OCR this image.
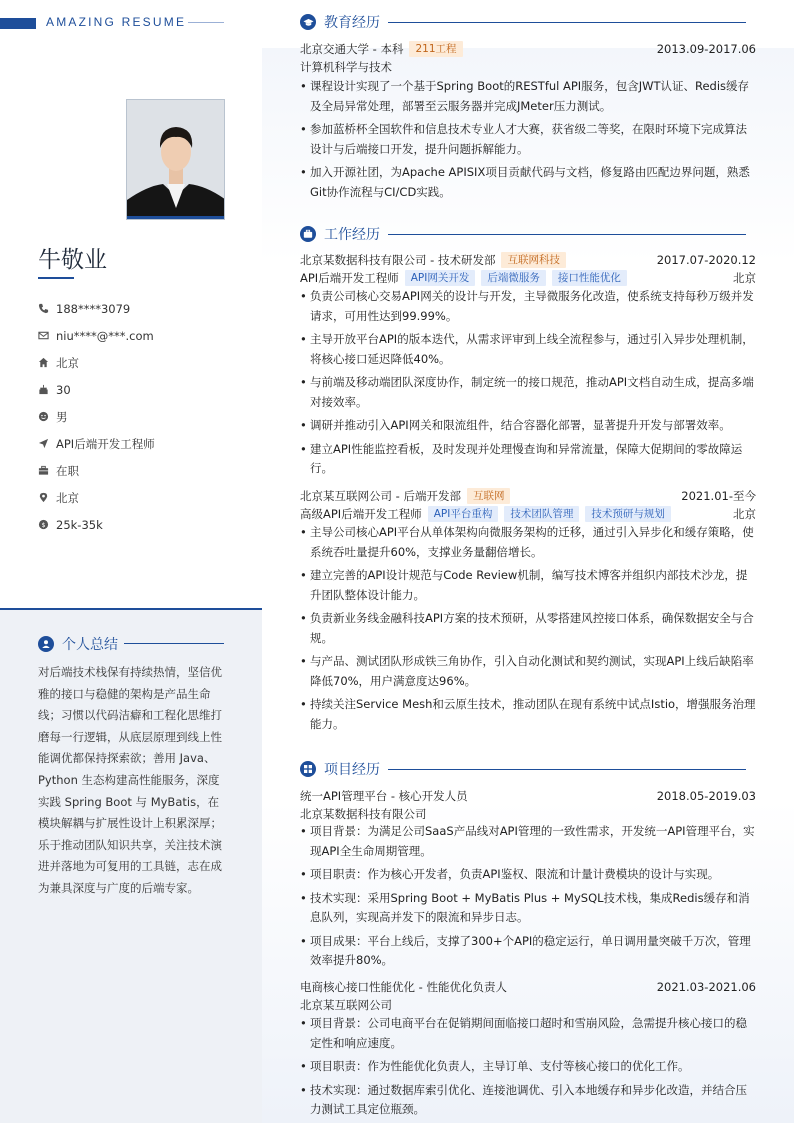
AMAZING RESUME
牛敬业
188****3079
niu****@***.com
北京
30
男
API后端开发工程师
在职
北京
$ 25k-35k
个人总结
对后端技术栈保有持续热情，坚信优雅的接口与稳健的架构是产品生命线；习惯以代码洁癖和工程化思维打磨每一行逻辑，从底层原理到线上性能调优都保持探索欲；善用 Java、Python 生态构建高性能服务，深度实践 Spring Boot 与 MyBatis，在模块解耦与扩展性设计上积累深厚；乐于推动团队知识共享，关注技术演进并落地为可复用的工具链，志在成为兼具深度与广度的后端专家。
教育经历
北京交通大学 - 本科	211工程	2013.09-2017.06
计算机科学与技术
• 课程设计实现了一个基于Spring Boot的RESTful API服务，包含JWT认证、Redis缓存及全局异常处理，部署至云服务器并完成JMeter压力测试。
• 参加蓝桥杯全国软件和信息技术专业人才大赛，获省级二等奖，在限时环境下完成算法设计与后端接口开发，提升问题拆解能力。
• 加入开源社团，为Apache APISIX项目贡献代码与文档，修复路由匹配边界问题，熟悉Git协作流程与CI/CD实践。
工作经历
北京某数据科技有限公司 - 技术研发部	互联网科技	2017.07-2020.12
API后端开发工程师	API网关开发	后端微服务	接口性能优化	北京
• 负责公司核心交易API网关的设计与开发，主导微服务化改造，使系统支持每秒万级并发请求，可用性达到99.99%。
• 主导开放平台API的版本迭代，从需求评审到上线全流程参与，通过引入异步处理机制，将核心接口延迟降低40%。
• 与前端及移动端团队深度协作，制定统一的接口规范，推动API文档自动生成，提高多端对接效率。
• 调研并推动引入API网关和限流组件，结合容器化部署，显著提升开发与部署效率。
• 建立API性能监控看板，及时发现并处理慢查询和异常流量，保障大促期间的零故障运行。
北京某互联网公司 - 后端开发部	互联网	2021.01-至今
高级API后端开发工程师	API平台重构	技术团队管理	技术预研与规划	北京
• 主导公司核心API平台从单体架构向微服务架构的迁移，通过引入异步化和缓存策略，使系统吞吐量提升60%，支撑业务量翻倍增长。
• 建立完善的API设计规范与Code Review机制，编写技术博客并组织内部技术沙龙，提升团队整体设计能力。
• 负责新业务线金融科技API方案的技术预研，从零搭建风控接口体系，确保数据安全与合规。
• 与产品、测试团队形成铁三角协作，引入自动化测试和契约测试，实现API上线后缺陷率降低70%，用户满意度达96%。
• 持续关注Service Mesh和云原生技术，推动团队在现有系统中试点Istio，增强服务治理能力。
项目经历
统一API管理平台 - 核心开发人员	2018.05-2019.03
北京某数据科技有限公司
• 项目背景：为满足公司SaaS产品线对API管理的一致性需求，开发统一API管理平台，实现API全生命周期管理。
• 项目职责：作为核心开发者，负责API鉴权、限流和计量计费模块的设计与实现。
• 技术实现：采用Spring Boot + MyBatis Plus + MySQL技术栈，集成Redis缓存和消息队列，实现高并发下的限流和异步日志。
• 项目成果：平台上线后，支撑了300+个API的稳定运行，单日调用量突破千万次，管理效率提升80%。
电商核心接口性能优化 - 性能优化负责人	2021.03-2021.06
北京某互联网公司
• 项目背景：公司电商平台在促销期间面临接口超时和雪崩风险，急需提升核心接口的稳定性和响应速度。
• 项目职责：作为性能优化负责人，主导订单、支付等核心接口的优化工作。
• 技术实现：通过数据库索引优化、连接池调优、引入本地缓存和异步化改造，并结合压力测试工具定位瓶颈。
